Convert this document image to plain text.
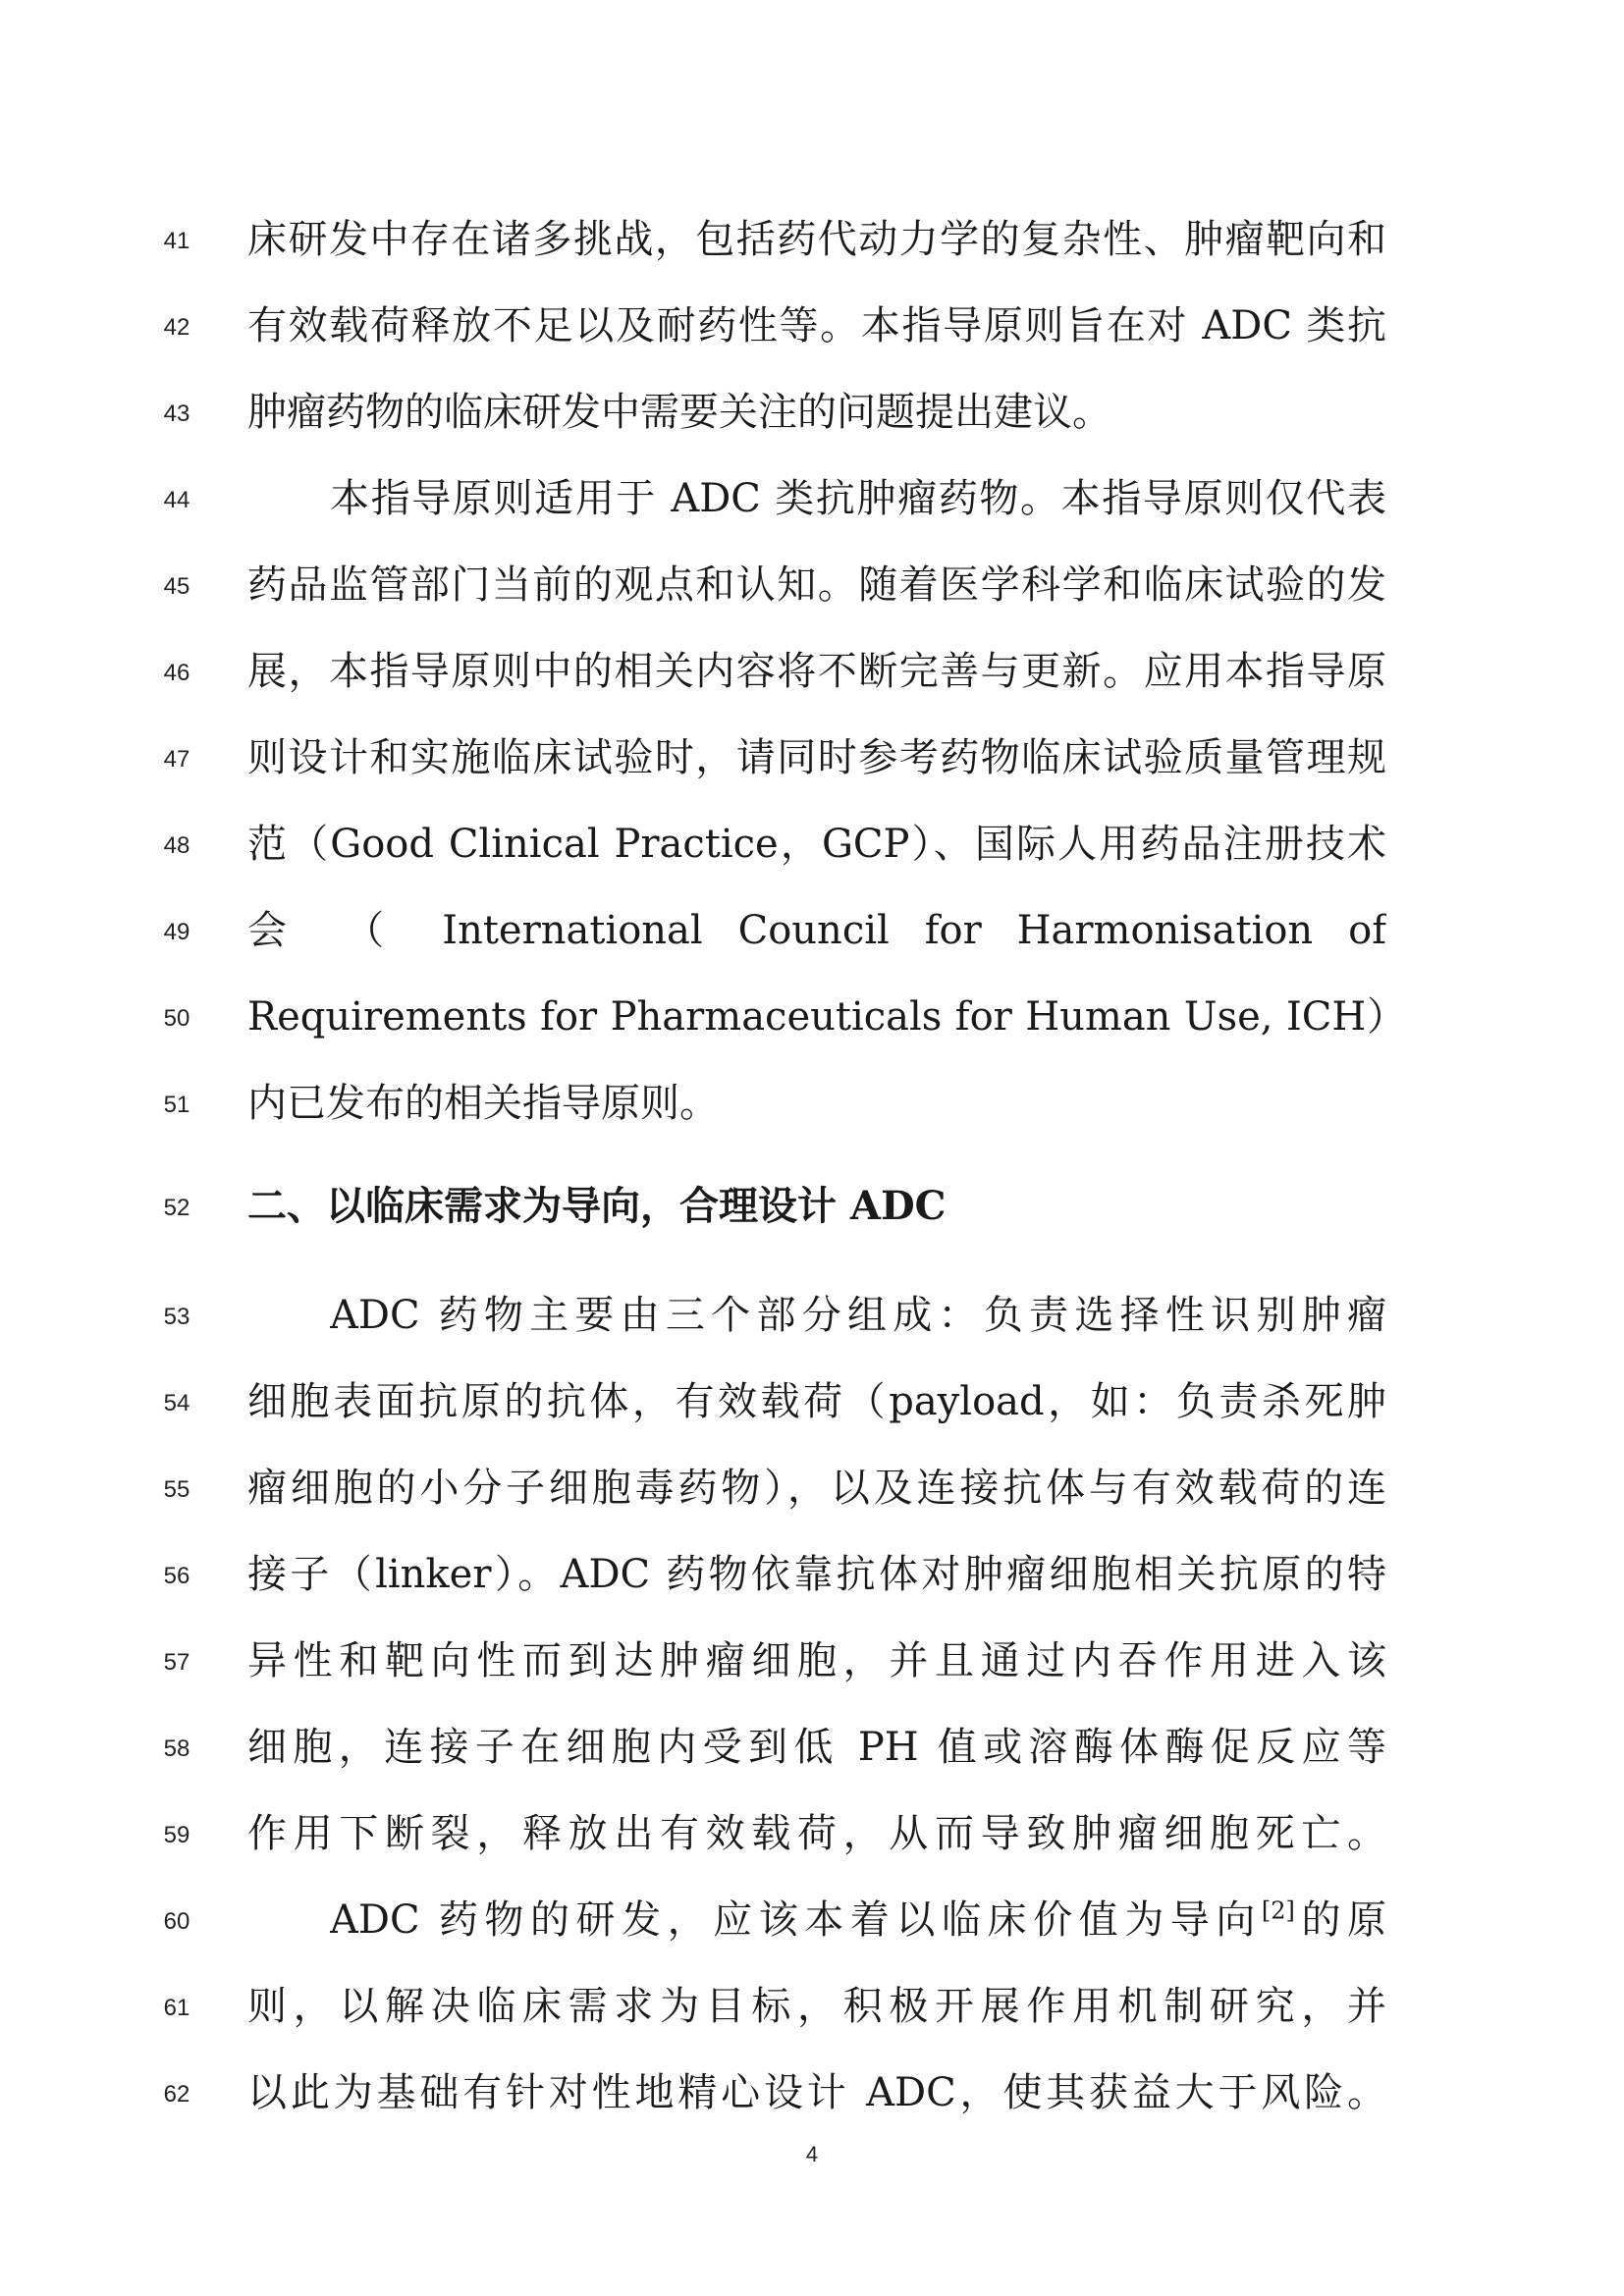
41	床研发中存在诸多挑战，包括药代动力学的复杂性、肿瘤靶向和
42	有效载荷释放不足以及耐药性等。本指导原则旨在对 ADC 类抗
43	肿瘤药物的临床研发中需要关注的问题提出建议。
44	本指导原则适用于 ADC 类抗肿瘤药物。本指导原则仅代表
45	药品监管部门当前的观点和认知。随着医学科学和临床试验的发
46	展，本指导原则中的相关内容将不断完善与更新。应用本指导原
47	则设计和实施临床试验时，请同时参考药物临床试验质量管理规
48	范（Good Clinical Practice，GCP）、国际人用药品注册技术
49	会 （ International Council for Harmonisation of
50	Requirements for Pharmaceuticals for Human Use, ICH）
51	内已发布的相关指导原则。
52	二、以临床需求为导向，合理设计 ADC
53	ADC 药物主要由三个部分组成：负责选择性识别肿瘤
54	细胞表面抗原的抗体，有效载荷（payload，如：负责杀死肿
55	瘤细胞的小分子细胞毒药物），以及连接抗体与有效载荷的连
56	接子（linker）。ADC 药物依靠抗体对肿瘤细胞相关抗原的特
57	异性和靶向性而到达肿瘤细胞，并且通过内吞作用进入该
58	细胞，连接子在细胞内受到低 PH 值或溶酶体酶促反应等
59	作用下断裂，释放出有效载荷，从而导致肿瘤细胞死亡。
60	ADC 药物的研发，应该本着以临床价值为导向[2]的原
61	则，以解决临床需求为目标，积极开展作用机制研究，并
62	以此为基础有针对性地精心设计 ADC，使其获益大于风险。
4
